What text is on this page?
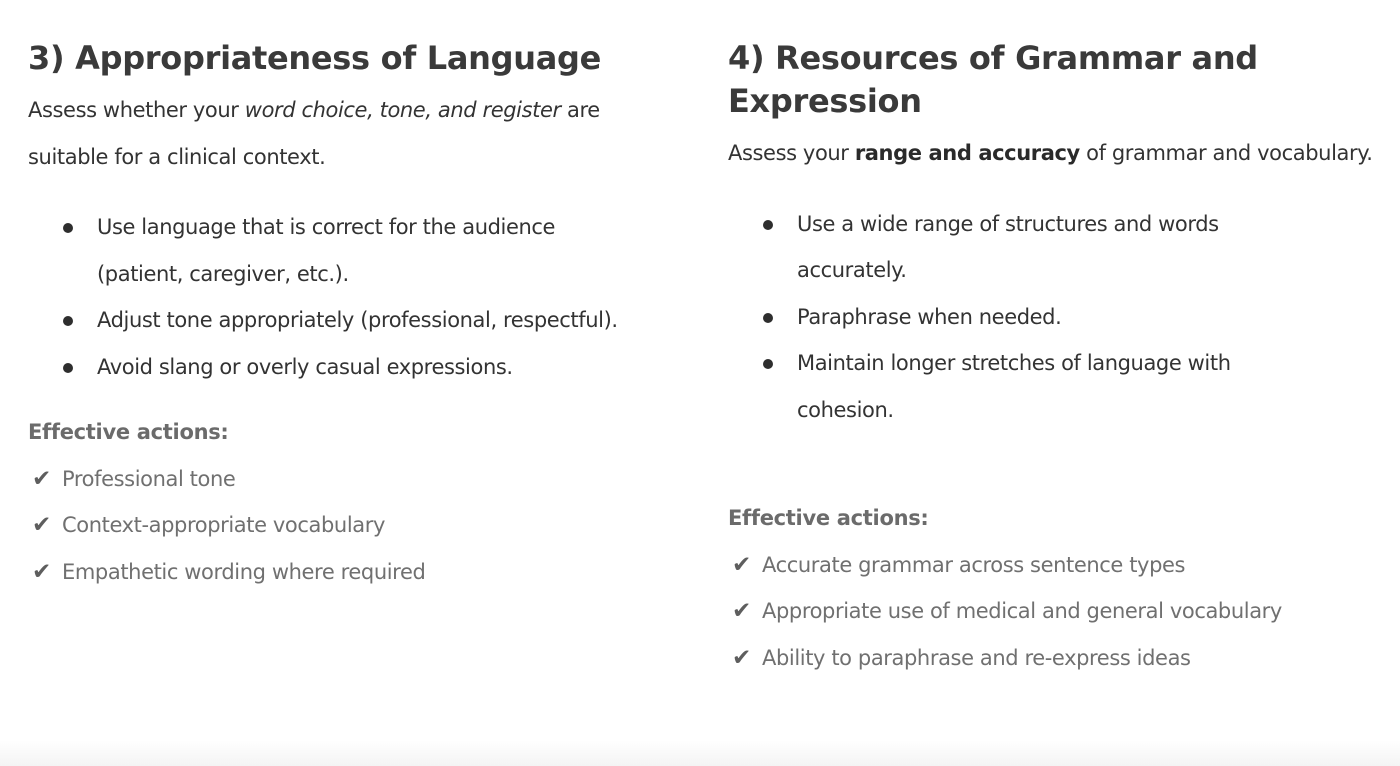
3) Appropriateness of Language

Assess whether your word choice, tone, and register are suitable for a clinical context.

Use language that is correct for the audience (patient, caregiver, etc.).
Adjust tone appropriately (professional, respectful).
Avoid slang or overly casual expressions.

Effective actions:

✔ Professional tone
✔ Context-appropriate vocabulary
✔ Empathetic wording where required
4) Resources of Grammar and Expression

Assess your range and accuracy of grammar and vocabulary.

Use a wide range of structures and words accurately.
Paraphrase when needed.
Maintain longer stretches of language with cohesion.

Effective actions:

✔ Accurate grammar across sentence types
✔ Appropriate use of medical and general vocabulary
✔ Ability to paraphrase and re-express ideas
